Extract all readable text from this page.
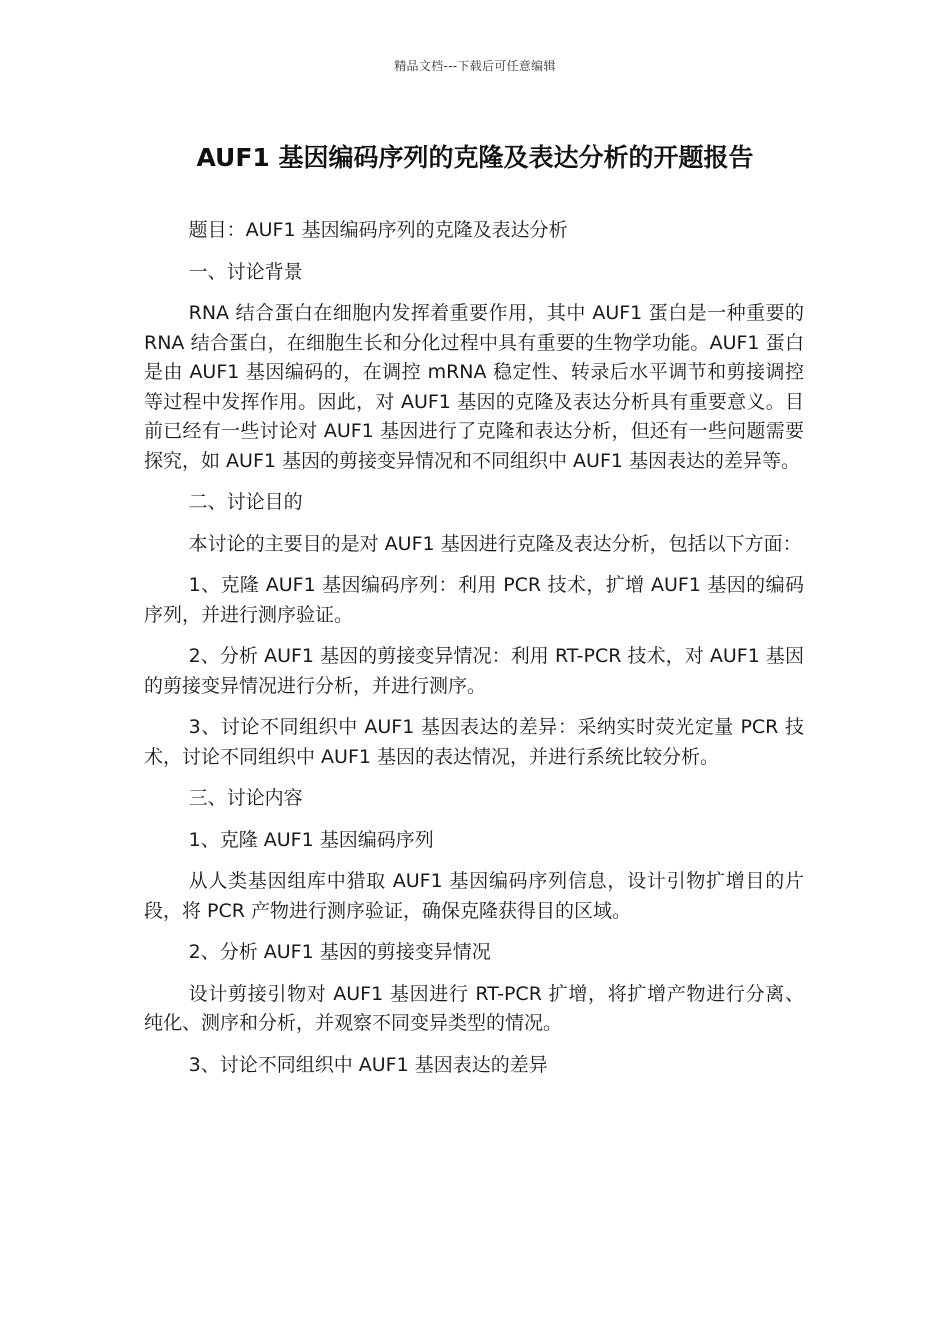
精品文档---下载后可任意编辑
AUF1 基因编码序列的克隆及表达分析的开题报告

题目：AUF1 基因编码序列的克隆及表达分析

一、讨论背景

RNA 结合蛋白在细胞内发挥着重要作用，其中 AUF1 蛋白是一种重要的 RNA 结合蛋白，在细胞生长和分化过程中具有重要的生物学功能。AUF1 蛋白是由 AUF1 基因编码的，在调控 mRNA 稳定性、转录后水平调节和剪接调控等过程中发挥作用。因此，对 AUF1 基因的克隆及表达分析具有重要意义。目前已经有一些讨论对 AUF1 基因进行了克隆和表达分析，但还有一些问题需要探究，如 AUF1 基因的剪接变异情况和不同组织中 AUF1 基因表达的差异等。

二、讨论目的

本讨论的主要目的是对 AUF1 基因进行克隆及表达分析，包括以下方面：

1、克隆 AUF1 基因编码序列：利用 PCR 技术，扩增 AUF1 基因的编码序列，并进行测序验证。

2、分析 AUF1 基因的剪接变异情况：利用 RT-PCR 技术，对 AUF1 基因的剪接变异情况进行分析，并进行测序。

3、讨论不同组织中 AUF1 基因表达的差异：采纳实时荧光定量 PCR 技术，讨论不同组织中 AUF1 基因的表达情况，并进行系统比较分析。

三、讨论内容

1、克隆 AUF1 基因编码序列

从人类基因组库中猎取 AUF1 基因编码序列信息，设计引物扩增目的片段，将 PCR 产物进行测序验证，确保克隆获得目的区域。

2、分析 AUF1 基因的剪接变异情况

设计剪接引物对 AUF1 基因进行 RT-PCR 扩增，将扩增产物进行分离、纯化、测序和分析，并观察不同变异类型的情况。

3、讨论不同组织中 AUF1 基因表达的差异
